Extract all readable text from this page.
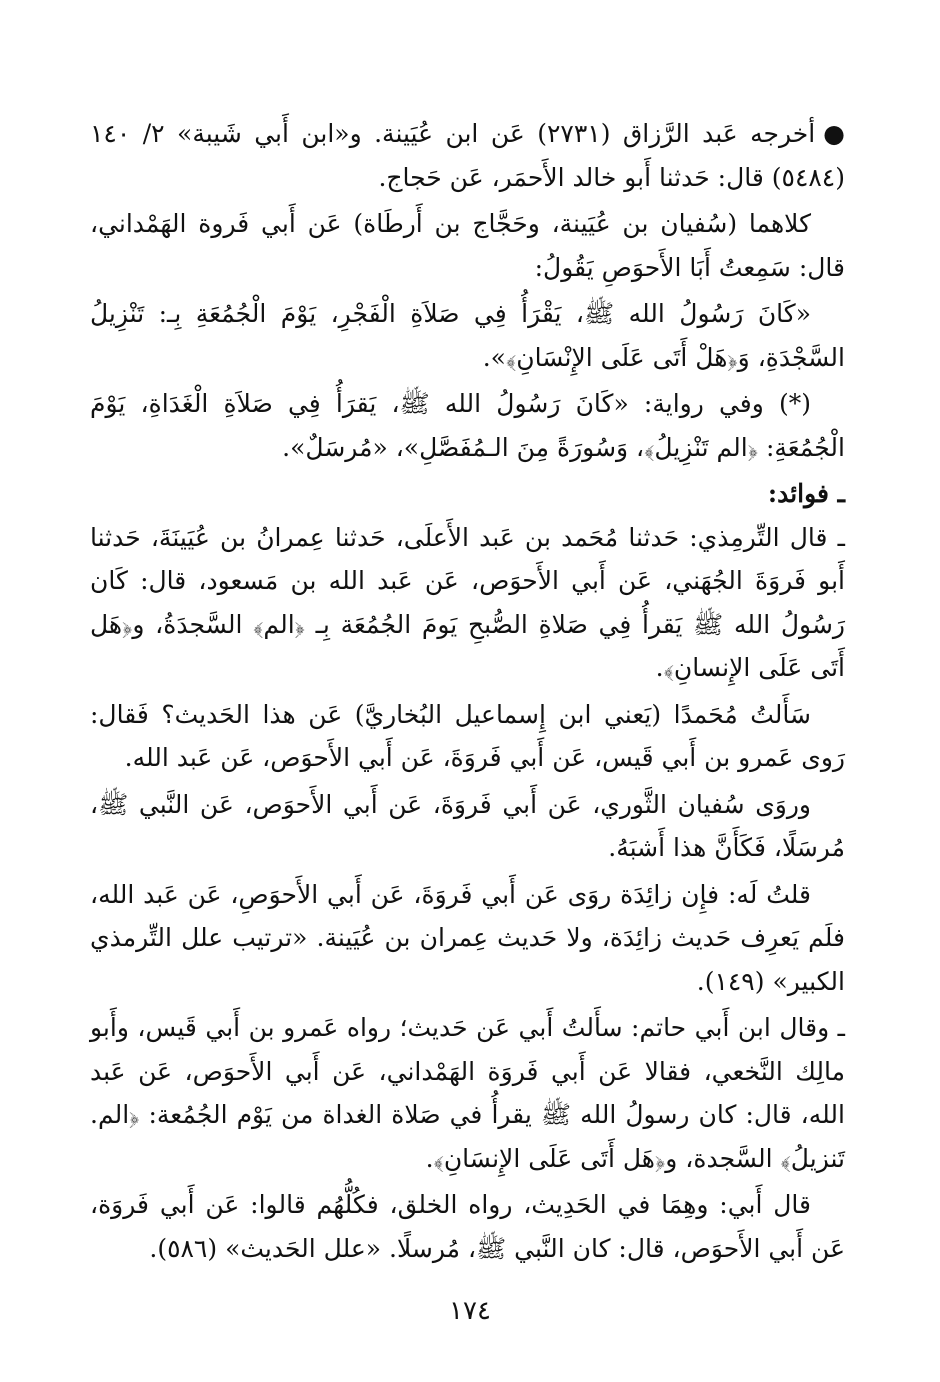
●أخرجه عَبد الرَّزاق (٢٧٣١) عَن ابن عُيَينة. و«ابن أَبي شَيبة» ٢/ ١٤٠ (٥٤٨٤) قال: حَدثنا أَبو خالد الأَحمَر، عَن حَجاج.

كلاهما (سُفيان بن عُيَينة، وحَجَّاج بن أَرطَاة) عَن أَبي فَروة الهَمْداني، قال: سَمِعتُ أَبَا الأَحوَصِ يَقُولُ:

«كَانَ رَسُولُ الله ﷺ، يَقْرَأُ فِي صَلاَةِ الْفَجْرِ، يَوْمَ الْجُمُعَةِ بِـ: تَنْزِيلُ السَّجْدَةِ، وَ﴿هَلْ أَتَى عَلَى الإِنْسَانِ﴾».

(*) وفي رواية: «كَانَ رَسُولُ الله ﷺ، يَقرَأُ فِي صَلاَةِ الْغَدَاةِ، يَوْمَ الْجُمُعَةِ: ﴿الم تَنْزِيلُ﴾، وَسُورَةً مِنَ الـمُفَصَّلِ»، «مُرسَلٌ».

ـ فوائد:

ـ قال التِّرمِذي: حَدثنا مُحَمد بن عَبد الأَعلَى، حَدثنا عِمرانُ بن عُيَينَةَ، حَدثنا أَبو فَروَةَ الجُهَني، عَن أَبي الأَحوَص، عَن عَبد الله بن مَسعود، قال: كَان رَسُولُ الله ﷺ يَقرأُ فِي صَلاةِ الصُّبحِ يَومَ الجُمُعَة بِـ ﴿الم﴾ السَّجدَةُ، و﴿هَل أَتَى عَلَى الإِنسانِ﴾.

سَأَلتُ مُحَمدًا (يَعني ابن إِسماعيل البُخاريَّ) عَن هذا الحَديث؟ فَقال: رَوى عَمرو بن أَبي قَيس، عَن أَبي فَروَةَ، عَن أَبي الأَحوَص، عَن عَبد الله.

وروَى سُفيان الثَّوري، عَن أَبي فَروَةَ، عَن أَبي الأَحوَص، عَن النَّبي ﷺ، مُرسَلًا، فَكَأَنَّ هذا أَشبَهُ.

قلتُ لَه: فإِن زائِدَة روَى عَن أَبي فَروَةَ، عَن أَبي الأَحوَصِ، عَن عَبد الله، فلَم يَعرِف حَديث زائِدَة، ولا حَديث عِمران بن عُيَينة. «ترتيب علل التِّرمذي الكبير» (١٤٩).

ـ وقال ابن أَبي حاتم: سأَلتُ أَبي عَن حَديث؛ رواه عَمرو بن أَبي قَيس، وأَبو مالِك النَّخعي، فقالا عَن أَبي فَروَة الهَمْداني، عَن أَبي الأَحوَص، عَن عَبد الله، قال: كان رسولُ الله ﷺ يقرأُ في صَلاة الغداة من يَوْم الجُمُعة: ﴿الم. تَنزيلُ﴾ السَّجدة، و﴿هَل أَتَى عَلَى الإِنسَانِ﴾.

قال أَبي: وهِمَا في الحَدِيث، رواه الخلق، فكُلُّهُم قالوا: عَن أَبي فَروَة، عَن أَبي الأَحوَص، قال: كان النَّبي ﷺ، مُرسلًا. «علل الحَديث» (٥٨٦).

١٧٤
